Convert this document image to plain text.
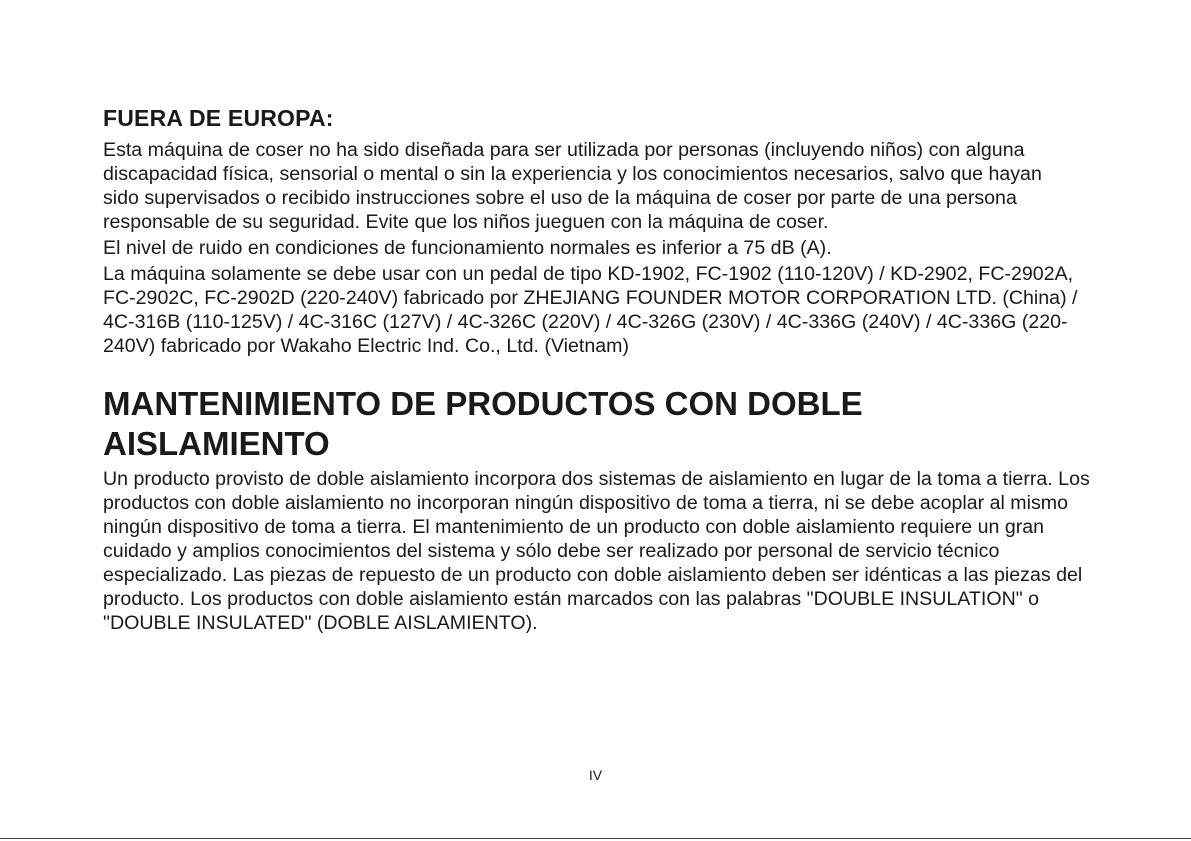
FUERA DE EUROPA:

Esta máquina de coser no ha sido diseñada para ser utilizada por personas (incluyendo niños) con alguna discapacidad física, sensorial o mental o sin la experiencia y los conocimientos necesarios, salvo que hayan sido supervisados o recibido instrucciones sobre el uso de la máquina de coser por parte de una persona responsable de su seguridad. Evite que los niños jueguen con la máquina de coser.

El nivel de ruido en condiciones de funcionamiento normales es inferior a 75 dB (A).

La máquina solamente se debe usar con un pedal de tipo KD-1902, FC-1902 (110-120V) / KD-2902, FC-2902A, FC-2902C, FC-2902D (220-240V) fabricado por ZHEJIANG FOUNDER MOTOR CORPORATION LTD. (China) / 4C-316B (110-125V) / 4C-316C (127V) / 4C-326C (220V) / 4C-326G (230V) / 4C-336G (240V) / 4C-336G (220-240V) fabricado por Wakaho Electric Ind. Co., Ltd. (Vietnam)

MANTENIMIENTO DE PRODUCTOS CON DOBLE AISLAMIENTO

Un producto provisto de doble aislamiento incorpora dos sistemas de aislamiento en lugar de la toma a tierra. Los productos con doble aislamiento no incorporan ningún dispositivo de toma a tierra, ni se debe acoplar al mismo ningún dispositivo de toma a tierra. El mantenimiento de un producto con doble aislamiento requiere un gran cuidado y amplios conocimientos del sistema y sólo debe ser realizado por personal de servicio técnico especializado. Las piezas de repuesto de un producto con doble aislamiento deben ser idénticas a las piezas del producto. Los productos con doble aislamiento están marcados con las palabras "DOUBLE INSULATION" o "DOUBLE INSULATED" (DOBLE AISLAMIENTO).

IV
